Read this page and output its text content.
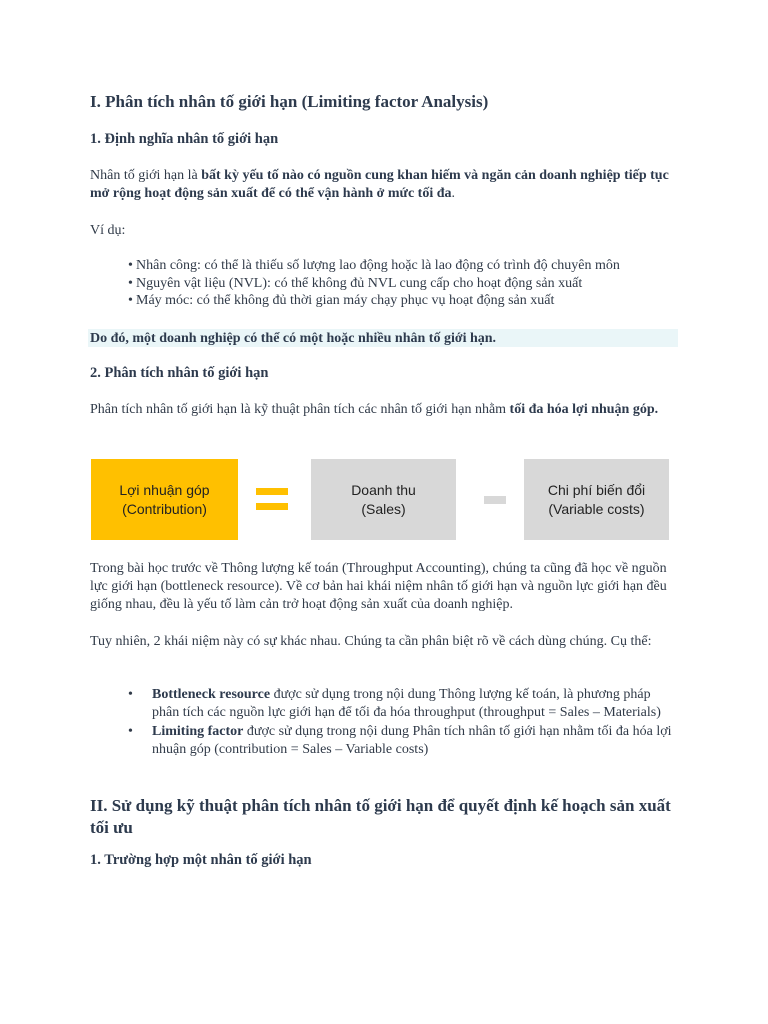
I. Phân tích nhân tố giới hạn (Limiting factor Analysis)
1. Định nghĩa nhân tố giới hạn
Nhân tố giới hạn là bất kỳ yếu tố nào có nguồn cung khan hiếm và ngăn cản doanh nghiệp tiếp tục mở rộng hoạt động sản xuất để có thể vận hành ở mức tối đa.
Ví dụ:
• Nhân công: có thể là thiếu số lượng lao động hoặc là lao động có trình độ chuyên môn
• Nguyên vật liệu (NVL): có thể không đủ NVL cung cấp cho hoạt động sản xuất
• Máy móc: có thể không đủ thời gian máy chạy phục vụ hoạt động sản xuất
Do đó, một doanh nghiệp có thể có một hoặc nhiều nhân tố giới hạn.
2. Phân tích nhân tố giới hạn
Phân tích nhân tố giới hạn là kỹ thuật phân tích các nhân tố giới hạn nhằm tối đa hóa lợi nhuận góp.
Lợi nhuận góp
(Contribution)
Doanh thu
(Sales)
Chi phí biến đổi
(Variable costs)
Trong bài học trước về Thông lượng kế toán (Throughput Accounting), chúng ta cũng đã học về nguồn lực giới hạn (bottleneck resource). Về cơ bản hai khái niệm nhân tố giới hạn và nguồn lực giới hạn đều giống nhau, đều là yếu tố làm cản trở hoạt động sản xuất của doanh nghiệp.
Tuy nhiên, 2 khái niệm này có sự khác nhau. Chúng ta cần phân biệt rõ về cách dùng chúng. Cụ thể:
• Bottleneck resource được sử dụng trong nội dung Thông lượng kế toán, là phương pháp phân tích các nguồn lực giới hạn để tối đa hóa throughput (throughput = Sales – Materials)
• Limiting factor được sử dụng trong nội dung Phân tích nhân tố giới hạn nhằm tối đa hóa lợi nhuận góp (contribution = Sales – Variable costs)
II. Sử dụng kỹ thuật phân tích nhân tố giới hạn để quyết định kế hoạch sản xuất tối ưu
1. Trường hợp một nhân tố giới hạn
